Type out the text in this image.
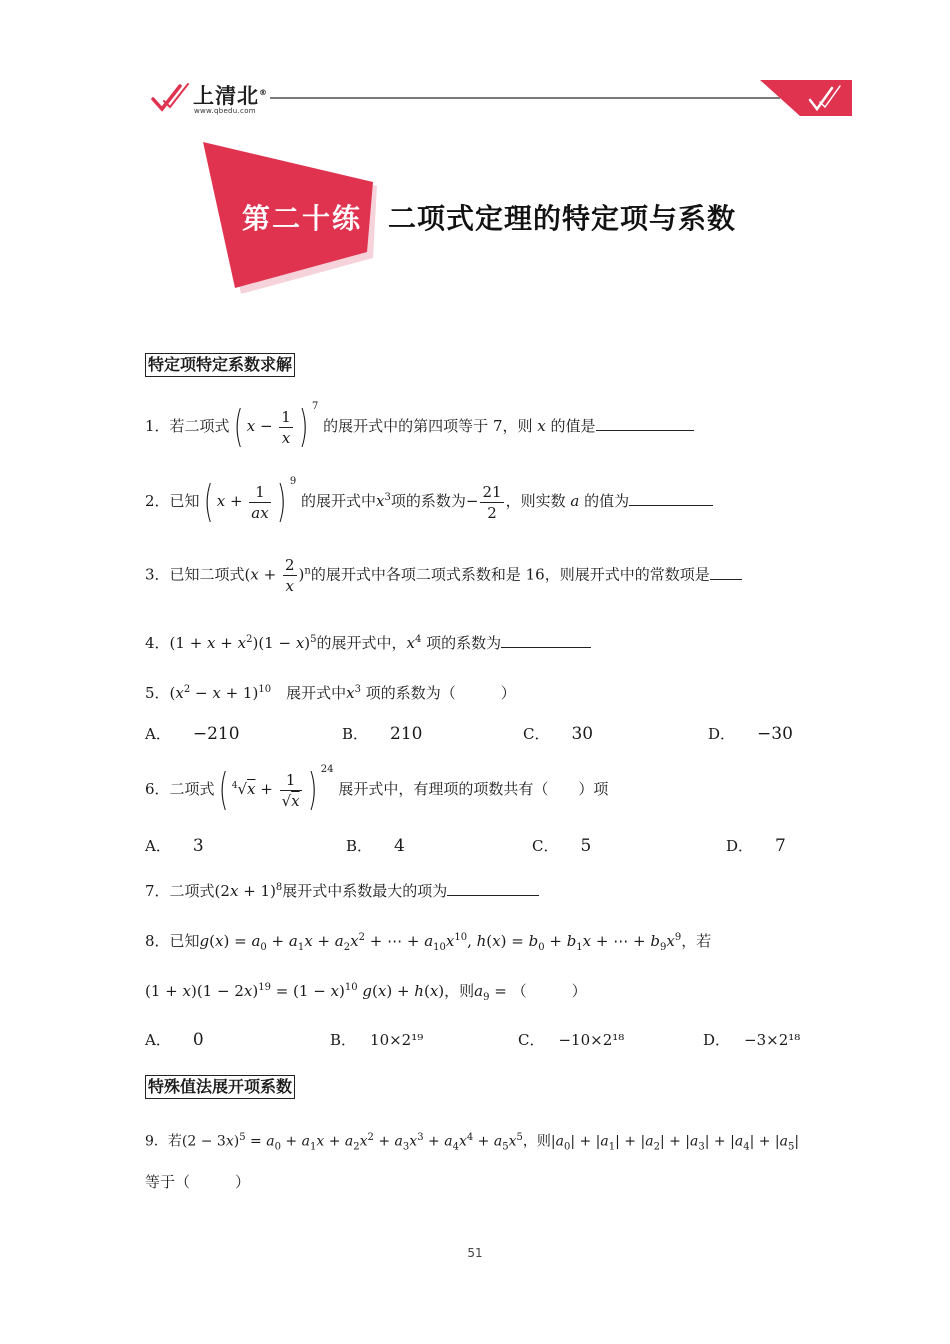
上清北®
www.qbedu.com
第二十练 二项式定理的特定项与系数
特定项特定系数求解
1．若二项式( $x - \frac{1}{x}$ ) $^7$ 的展开式中的第四项等于 7，则 x 的值是
2．已知( $x + \frac{1}{ax}$ ) $^9$ 的展开式中$x^3$项的系数为− $\frac{21}{2}$ ，则实数 a 的值为
3．已知二项式$(x + \frac{2}{x} )^n$的展开式中各项二项式系数和是 16，则展开式中的常数项是
4．$(1 + x + x^2)(1 - x)^5$的展开式中，$x^4$ 项的系数为
5．$(x^2 - x + 1)^{10}$　 展开式中$x^3$ 项的系数为（　　　）
A． −210	B． 210	C． 30	D． −30
6．二项式( $^4√x + \frac{1}{√x}$ ) $^{24}$ 展开式中，有理项的项数共有（　　）项
A． 3	B． 4	C． 5	D． 7
7．二项式$(2x + 1)^8$展开式中系数最大的项为
8．已知$g(x) = a_0 + a_1x + a_2x^2$ + ⋯ + $a_{10}x^{10}$, $h(x) = b_0 + b_1x$ + ⋯ + $b_9x^9$，若
$(1 + x)(1 - 2x)^{19} = (1 - x)^{10}$ g(x) + h(x)，则$a_9$ = （　　　）
A． 0	B． 10×2¹⁹	C． −10×2¹⁸	D． −3×2¹⁸
特殊值法展开项系数
9．若$(2 - 3x)^5 = a_0 + a_1x + a_2x^2 + a_3x^3 + a_4x^4 + a_5x^5$，则$|a_0| + |a_1| + |a_2| + |a_3| + |a_4| + |a_5|$
等于（　　　）
51
